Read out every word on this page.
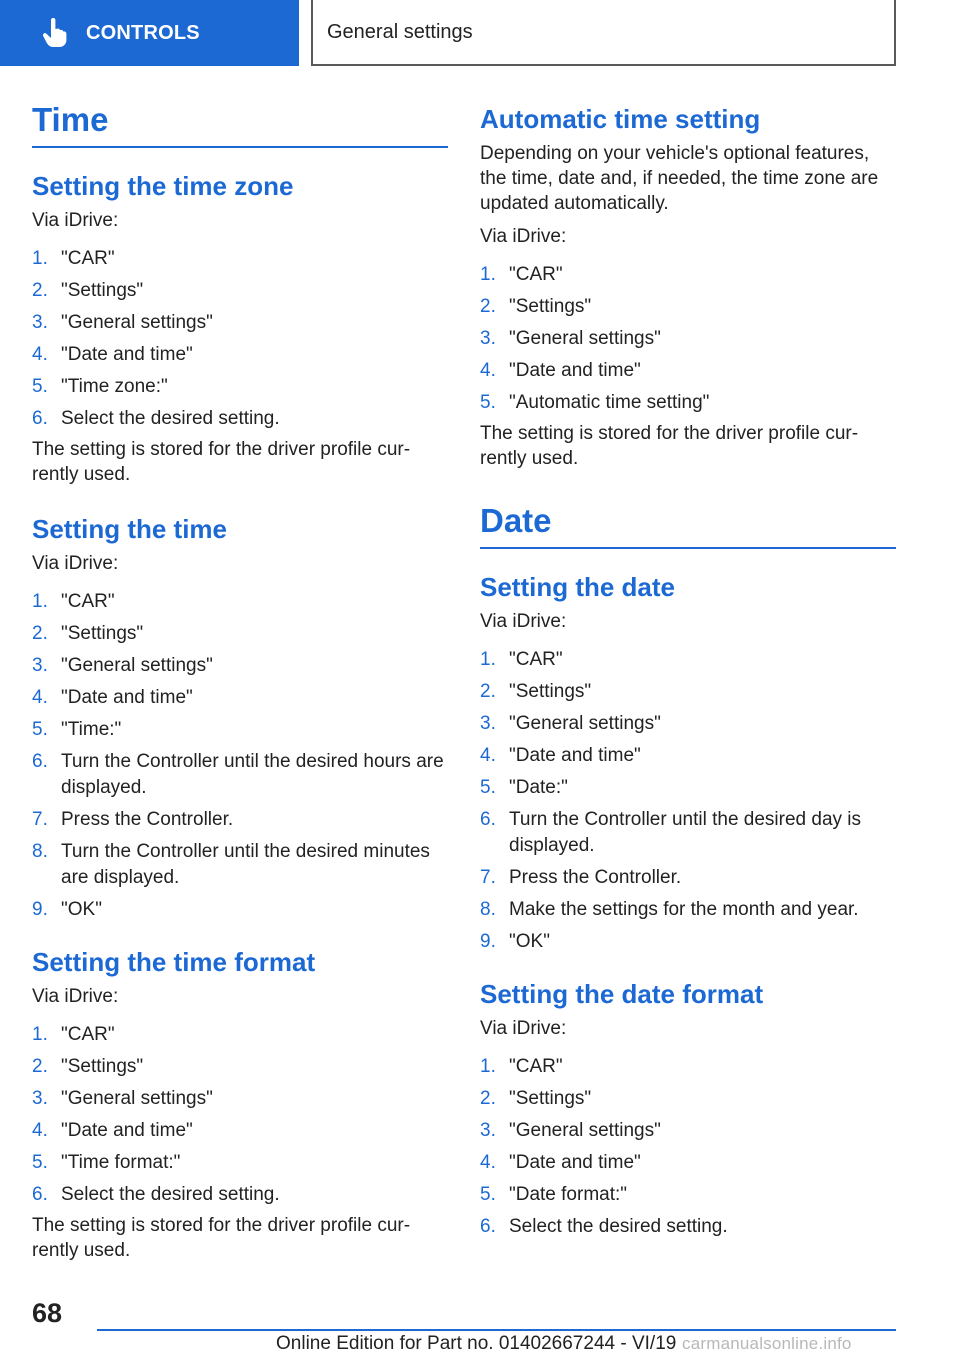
CONTROLS	General settings
Time
Setting the time zone
Via iDrive:
1. "CAR"
2. "Settings"
3. "General settings"
4. "Date and time"
5. "Time zone:"
6. Select the desired setting.
The setting is stored for the driver profile cur‐rently used.
Setting the time
Via iDrive:
1. "CAR"
2. "Settings"
3. "General settings"
4. "Date and time"
5. "Time:"
6. Turn the Controller until the desired hours are displayed.
7. Press the Controller.
8. Turn the Controller until the desired minutes are displayed.
9. "OK"
Setting the time format
Via iDrive:
1. "CAR"
2. "Settings"
3. "General settings"
4. "Date and time"
5. "Time format:"
6. Select the desired setting.
The setting is stored for the driver profile cur‐rently used.
Automatic time setting
Depending on your vehicle's optional features, the time, date and, if needed, the time zone are updated automatically.
Via iDrive:
1. "CAR"
2. "Settings"
3. "General settings"
4. "Date and time"
5. "Automatic time setting"
The setting is stored for the driver profile cur‐rently used.
Date
Setting the date
Via iDrive:
1. "CAR"
2. "Settings"
3. "General settings"
4. "Date and time"
5. "Date:"
6. Turn the Controller until the desired day is displayed.
7. Press the Controller.
8. Make the settings for the month and year.
9. "OK"
Setting the date format
Via iDrive:
1. "CAR"
2. "Settings"
3. "General settings"
4. "Date and time"
5. "Date format:"
6. Select the desired setting.
68
Online Edition for Part no. 01402667244 - VI/19 carmanualsonline.info
